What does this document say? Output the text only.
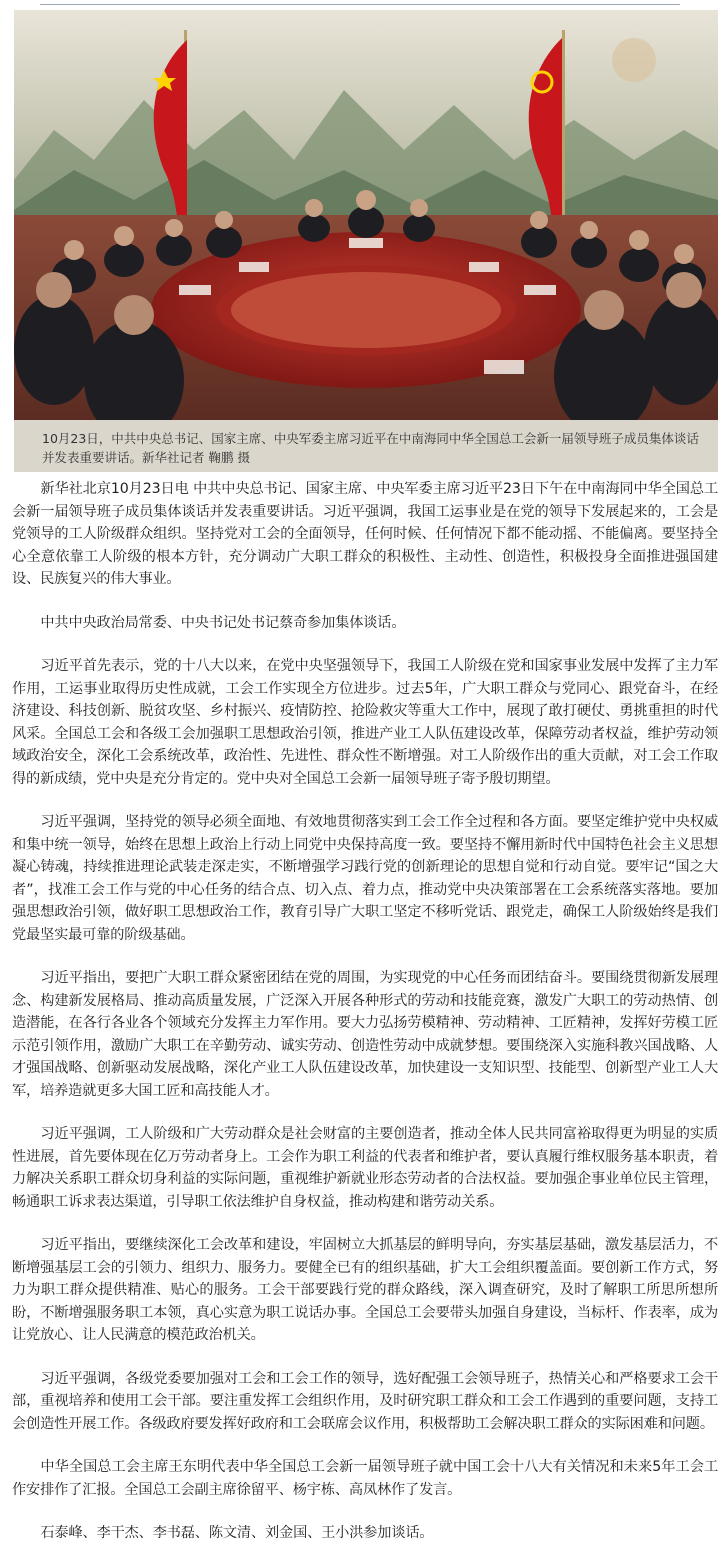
10月23日，中共中央总书记、国家主席、中央军委主席习近平在中南海同中华全国总工会新一届领导班子成员集体谈话并发表重要讲话。新华社记者 鞠鹏 摄

新华社北京10月23日电 中共中央总书记、国家主席、中央军委主席习近平23日下午在中南海同中华全国总工会新一届领导班子成员集体谈话并发表重要讲话。习近平强调，我国工运事业是在党的领导下发展起来的，工会是党领导的工人阶级群众组织。坚持党对工会的全面领导，任何时候、任何情况下都不能动摇、不能偏离。要坚持全心全意依靠工人阶级的根本方针，充分调动广大职工群众的积极性、主动性、创造性，积极投身全面推进强国建设、民族复兴的伟大事业。

中共中央政治局常委、中央书记处书记蔡奇参加集体谈话。

习近平首先表示，党的十八大以来，在党中央坚强领导下，我国工人阶级在党和国家事业发展中发挥了主力军作用，工运事业取得历史性成就，工会工作实现全方位进步。过去5年，广大职工群众与党同心、跟党奋斗，在经济建设、科技创新、脱贫攻坚、乡村振兴、疫情防控、抢险救灾等重大工作中，展现了敢打硬仗、勇挑重担的时代风采。全国总工会和各级工会加强职工思想政治引领，推进产业工人队伍建设改革，保障劳动者权益，维护劳动领域政治安全，深化工会系统改革，政治性、先进性、群众性不断增强。对工人阶级作出的重大贡献，对工会工作取得的新成绩，党中央是充分肯定的。党中央对全国总工会新一届领导班子寄予殷切期望。

习近平强调，坚持党的领导必须全面地、有效地贯彻落实到工会工作全过程和各方面。要坚定维护党中央权威和集中统一领导，始终在思想上政治上行动上同党中央保持高度一致。要坚持不懈用新时代中国特色社会主义思想凝心铸魂，持续推进理论武装走深走实，不断增强学习践行党的创新理论的思想自觉和行动自觉。要牢记“国之大者”，找准工会工作与党的中心任务的结合点、切入点、着力点，推动党中央决策部署在工会系统落实落地。要加强思想政治引领，做好职工思想政治工作，教育引导广大职工坚定不移听党话、跟党走，确保工人阶级始终是我们党最坚实最可靠的阶级基础。

习近平指出，要把广大职工群众紧密团结在党的周围，为实现党的中心任务而团结奋斗。要围绕贯彻新发展理念、构建新发展格局、推动高质量发展，广泛深入开展各种形式的劳动和技能竞赛，激发广大职工的劳动热情、创造潜能，在各行各业各个领域充分发挥主力军作用。要大力弘扬劳模精神、劳动精神、工匠精神，发挥好劳模工匠示范引领作用，激励广大职工在辛勤劳动、诚实劳动、创造性劳动中成就梦想。要围绕深入实施科教兴国战略、人才强国战略、创新驱动发展战略，深化产业工人队伍建设改革，加快建设一支知识型、技能型、创新型产业工人大军，培养造就更多大国工匠和高技能人才。

习近平强调，工人阶级和广大劳动群众是社会财富的主要创造者，推动全体人民共同富裕取得更为明显的实质性进展，首先要体现在亿万劳动者身上。工会作为职工利益的代表者和维护者，要认真履行维权服务基本职责，着力解决关系职工群众切身利益的实际问题，重视维护新就业形态劳动者的合法权益。要加强企事业单位民主管理，畅通职工诉求表达渠道，引导职工依法维护自身权益，推动构建和谐劳动关系。

习近平指出，要继续深化工会改革和建设，牢固树立大抓基层的鲜明导向，夯实基层基础，激发基层活力，不断增强基层工会的引领力、组织力、服务力。要健全已有的组织基础，扩大工会组织覆盖面。要创新工作方式，努力为职工群众提供精准、贴心的服务。工会干部要践行党的群众路线，深入调查研究，及时了解职工所思所想所盼，不断增强服务职工本领，真心实意为职工说话办事。全国总工会要带头加强自身建设，当标杆、作表率，成为让党放心、让人民满意的模范政治机关。

习近平强调，各级党委要加强对工会和工会工作的领导，选好配强工会领导班子，热情关心和严格要求工会干部，重视培养和使用工会干部。要注重发挥工会组织作用，及时研究职工群众和工会工作遇到的重要问题，支持工会创造性开展工作。各级政府要发挥好政府和工会联席会议作用，积极帮助工会解决职工群众的实际困难和问题。

中华全国总工会主席王东明代表中华全国总工会新一届领导班子就中国工会十八大有关情况和未来5年工会工作安排作了汇报。全国总工会副主席徐留平、杨宇栋、高凤林作了发言。

石泰峰、李干杰、李书磊、陈文清、刘金国、王小洪参加谈话。
